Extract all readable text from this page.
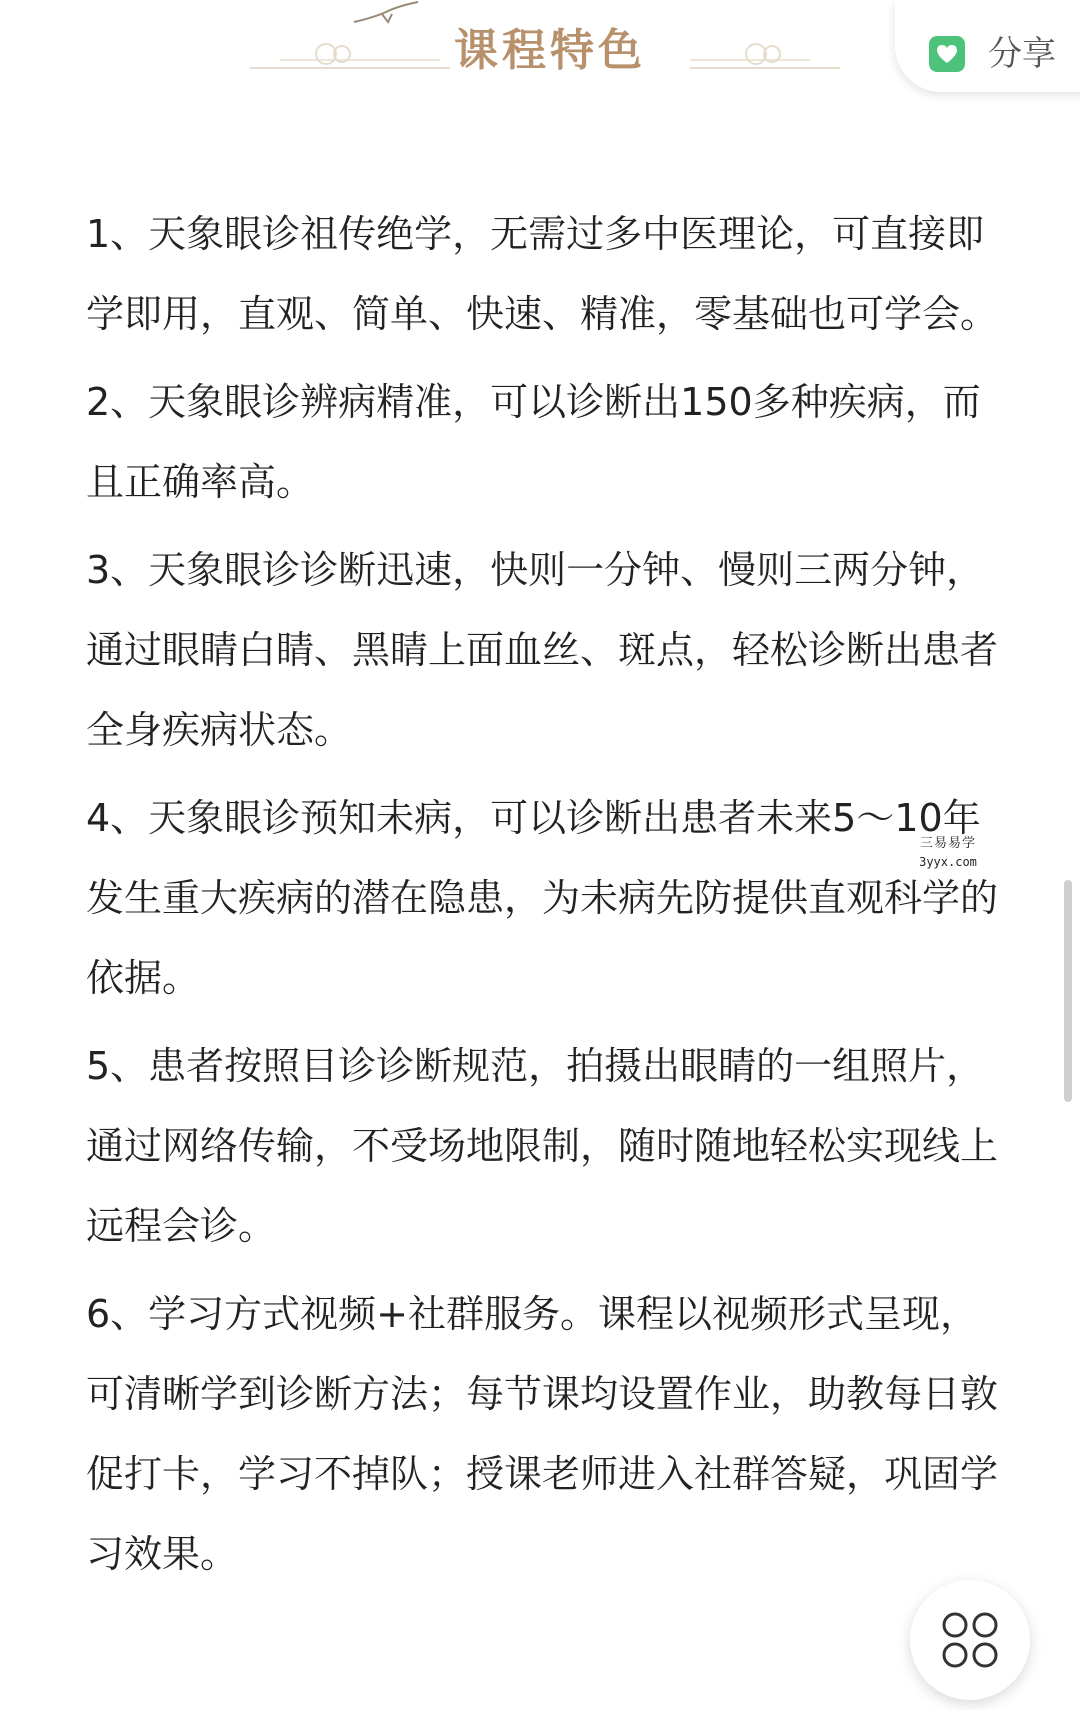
课程特色	分享

1、天象眼诊祖传绝学，无需过多中医理论，可直接即学即用，直观、简单、快速、精准，零基础也可学会。

2、天象眼诊辨病精准，可以诊断出150多种疾病，而且正确率高。

3、天象眼诊诊断迅速，快则一分钟、慢则三两分钟，通过眼睛白睛、黑睛上面血丝、斑点，轻松诊断出患者全身疾病状态。

4、天象眼诊预知未病，可以诊断出患者未来5～10年发生重大疾病的潜在隐患，为未病先防提供直观科学的依据。

5、患者按照目诊诊断规范，拍摄出眼睛的一组照片，通过网络传输，不受场地限制，随时随地轻松实现线上远程会诊。

6、学习方式视频+社群服务。课程以视频形式呈现，可清晰学到诊断方法；每节课均设置作业，助教每日敦促打卡，学习不掉队；授课老师进入社群答疑，巩固学习效果。

三易易学
3yyx.com
